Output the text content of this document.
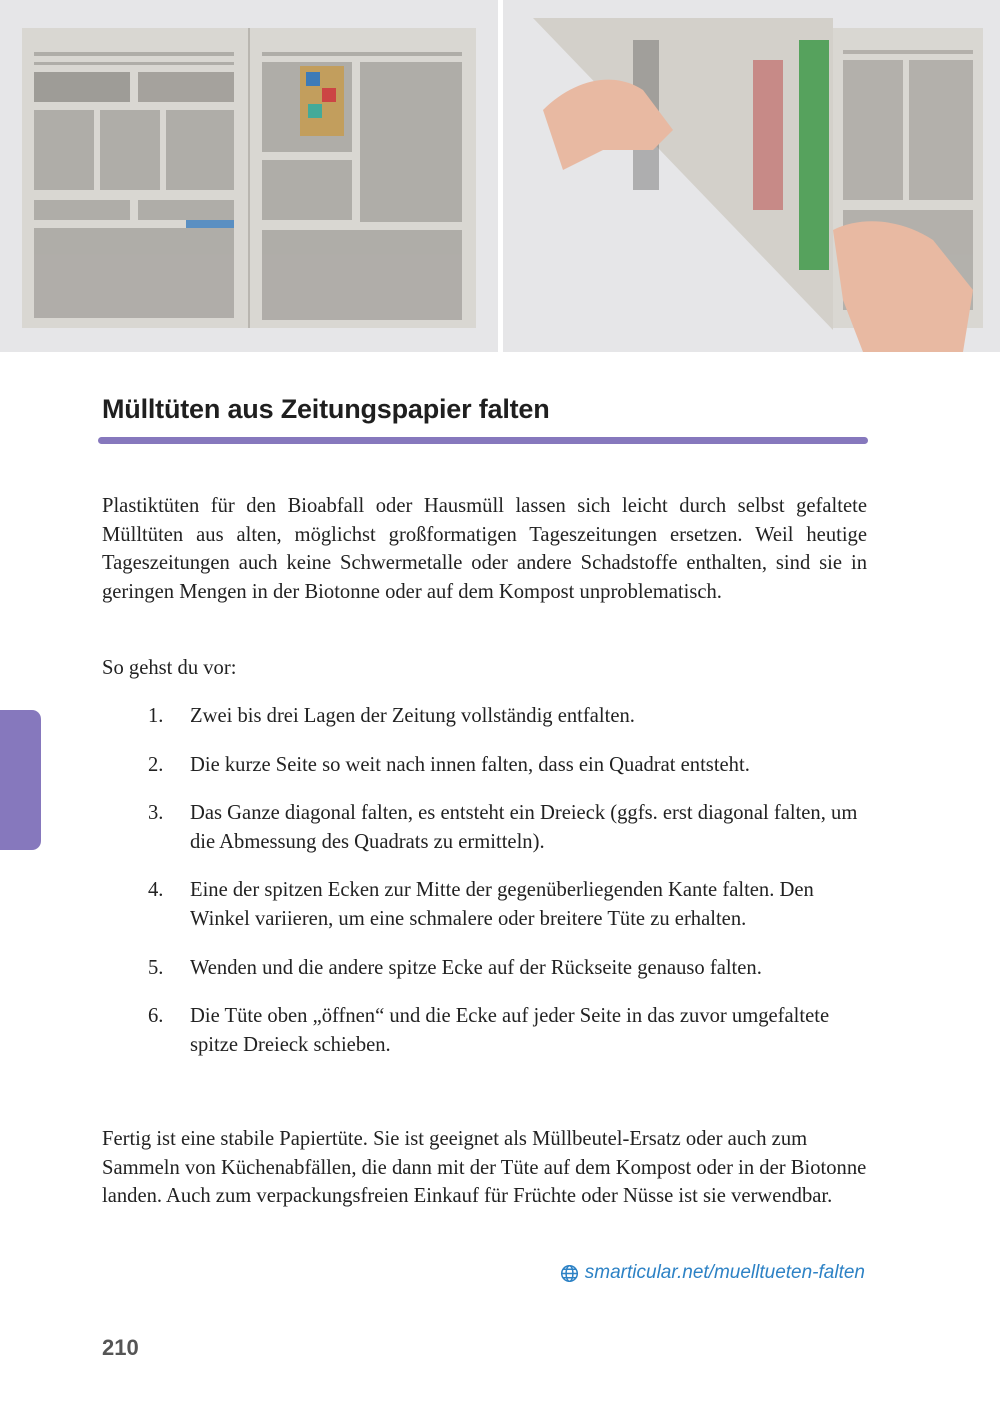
Mülltüten aus Zeitungspapier falten

Plastiktüten für den Bioabfall oder Hausmüll lassen sich leicht durch selbst gefaltete Mülltüten aus alten, möglichst großformatigen Tageszeitungen ersetzen. Weil heutige Tageszeitungen auch keine Schwermetalle oder andere Schadstoffe enthalten, sind sie in geringen Mengen in der Biotonne oder auf dem Kompost unproblematisch.

So gehst du vor:

1. Zwei bis drei Lagen der Zeitung vollständig entfalten.
2. Die kurze Seite so weit nach innen falten, dass ein Quadrat entsteht.
3. Das Ganze diagonal falten, es entsteht ein Dreieck (ggfs. erst diagonal falten, um die Abmessung des Quadrats zu ermitteln).
4. Eine der spitzen Ecken zur Mitte der gegenüberliegenden Kante falten. Den Winkel variieren, um eine schmalere oder breitere Tüte zu erhalten.
5. Wenden und die andere spitze Ecke auf der Rückseite genauso falten.
6. Die Tüte oben „öffnen“ und die Ecke auf jeder Seite in das zuvor umgefaltete spitze Dreieck schieben.

Fertig ist eine stabile Papiertüte. Sie ist geeignet als Müllbeutel-Ersatz oder auch zum Sammeln von Küchenabfällen, die dann mit der Tüte auf dem Kompost oder in der Biotonne landen. Auch zum verpackungsfreien Einkauf für Früchte oder Nüsse ist sie verwendbar.

smarticular.net/muelltueten-falten
210
